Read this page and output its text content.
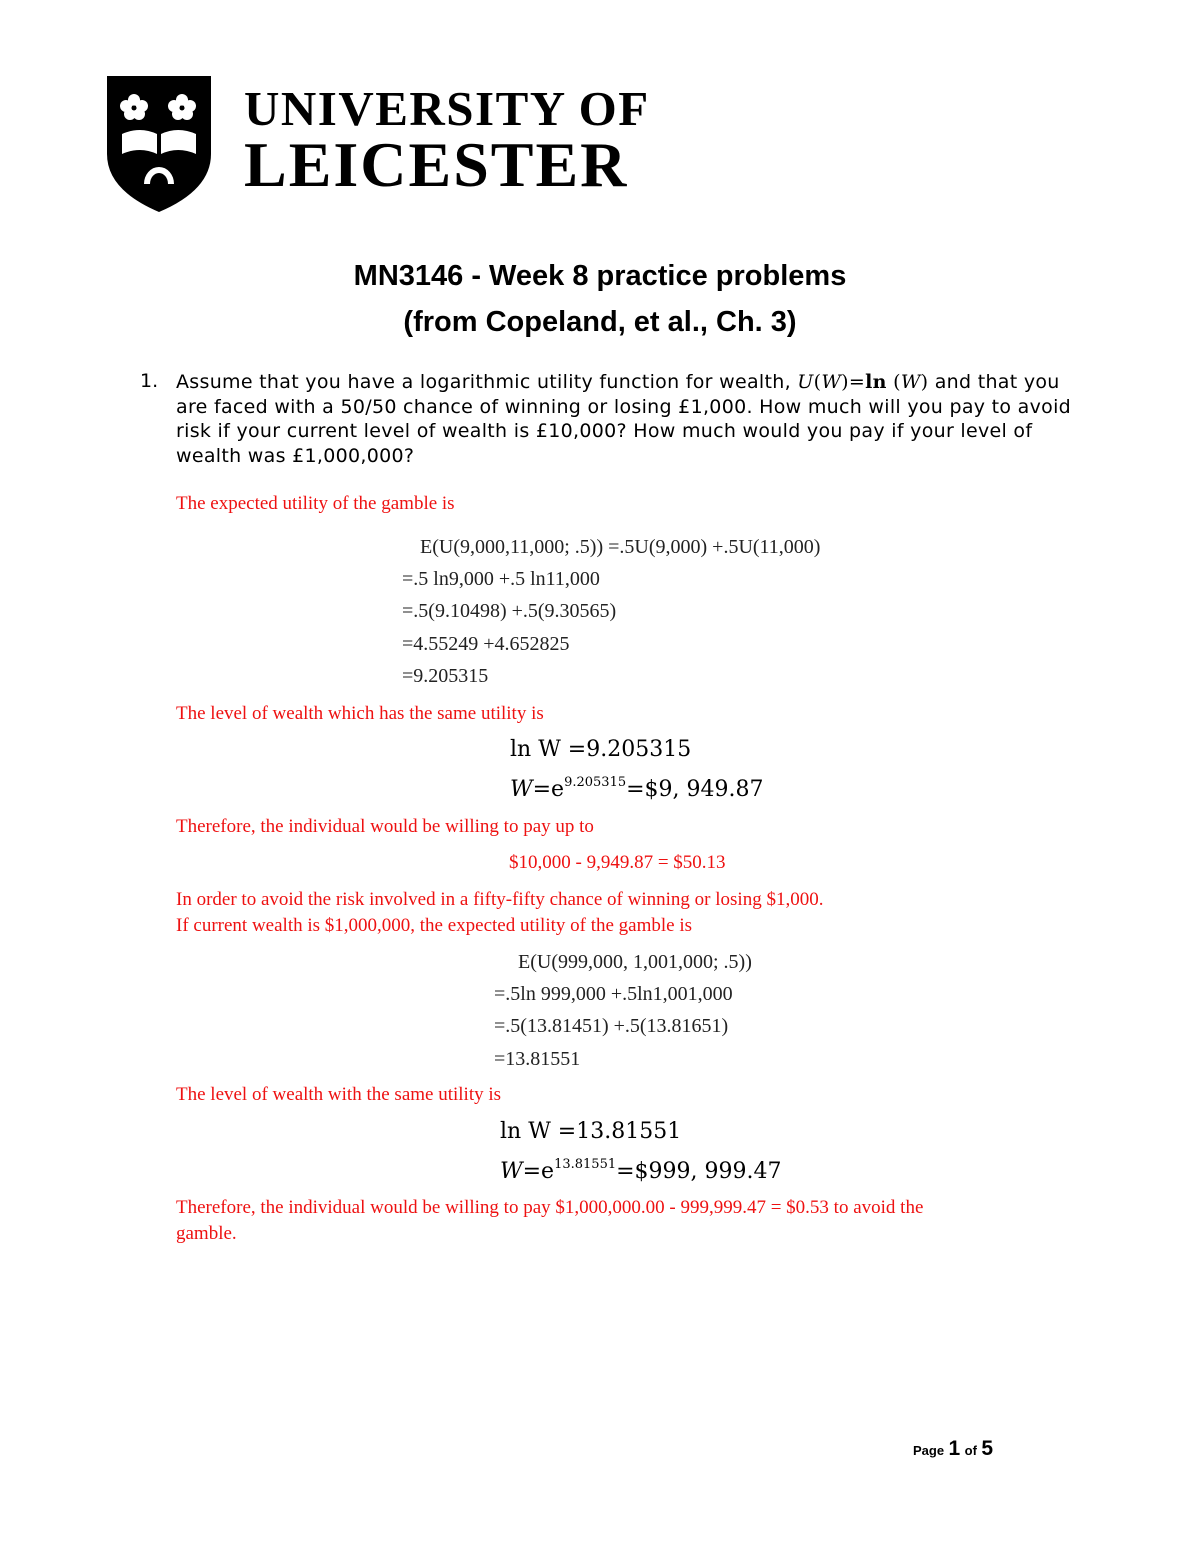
UNIVERSITY OF
LEICESTER
MN3146 - Week 8 practice problems
(from Copeland, et al., Ch. 3)
1. Assume that you have a logarithmic utility function for wealth, U(W)=ln (W) and that you are faced with a 50/50 chance of winning or losing £1,000. How much will you pay to avoid risk if your current level of wealth is £10,000? How much would you pay if your level of wealth was £1,000,000?
The expected utility of the gamble is
E(U(9,000,11,000; .5)) =.5U(9,000) +.5U(11,000)
=.5 ln9,000 +.5 ln11,000
=.5(9.10498) +.5(9.30565)
=4.55249 +4.652825
=9.205315
The level of wealth which has the same utility is
ln W =9.205315
$W=e^{9.205315}=\$9$, 949.87
Therefore, the individual would be willing to pay up to
$10,000 - 9,949.87 = $50.13
In order to avoid the risk involved in a fifty-fifty chance of winning or losing $1,000.
If current wealth is $1,000,000, the expected utility of the gamble is
E(U(999,000, 1,001,000; .5))
=.5ln 999,000 +.5ln1,001,000
=.5(13.81451) +.5(13.81651)
=13.81551
The level of wealth with the same utility is
ln W =13.81551
$W=e^{13.81551}=\$999$, 999.47
Therefore, the individual would be willing to pay $1,000,000.00 - 999,999.47 = $0.53 to avoid the
gamble.
Page 1 of 5
